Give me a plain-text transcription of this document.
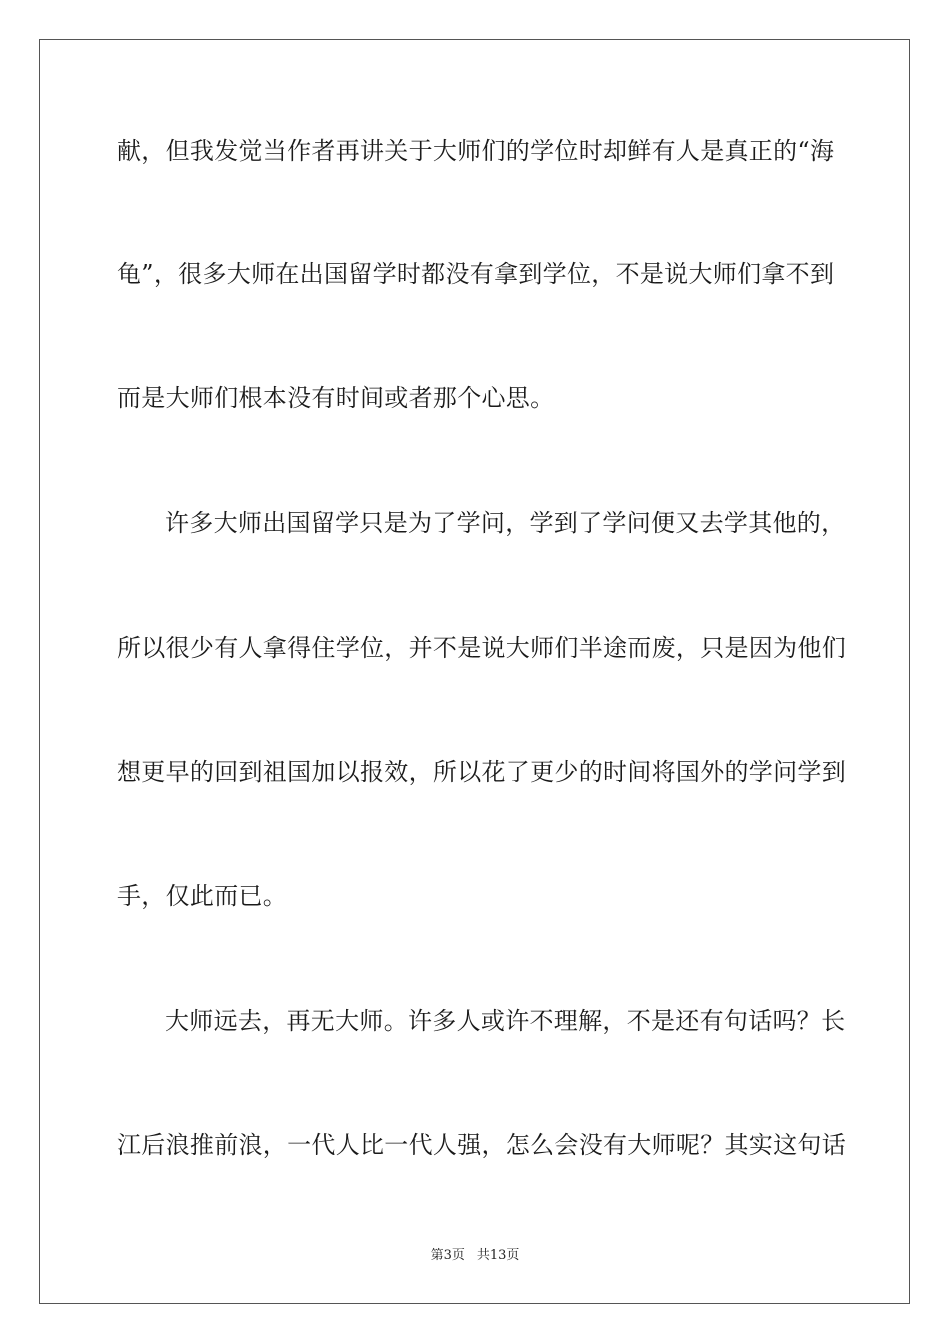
献，但我发觉当作者再讲关于大师们的学位时却鲜有人是真正的“海
龟”，很多大师在出国留学时都没有拿到学位，不是说大师们拿不到
而是大师们根本没有时间或者那个心思。
许多大师出国留学只是为了学问，学到了学问便又去学其他的，
所以很少有人拿得住学位，并不是说大师们半途而废，只是因为他们
想更早的回到祖国加以报效，所以花了更少的时间将国外的学问学到
手，仅此而已。
大师远去，再无大师。许多人或许不理解，不是还有句话吗？长
江后浪推前浪，一代人比一代人强，怎么会没有大师呢？其实这句话
第3页 共13页
